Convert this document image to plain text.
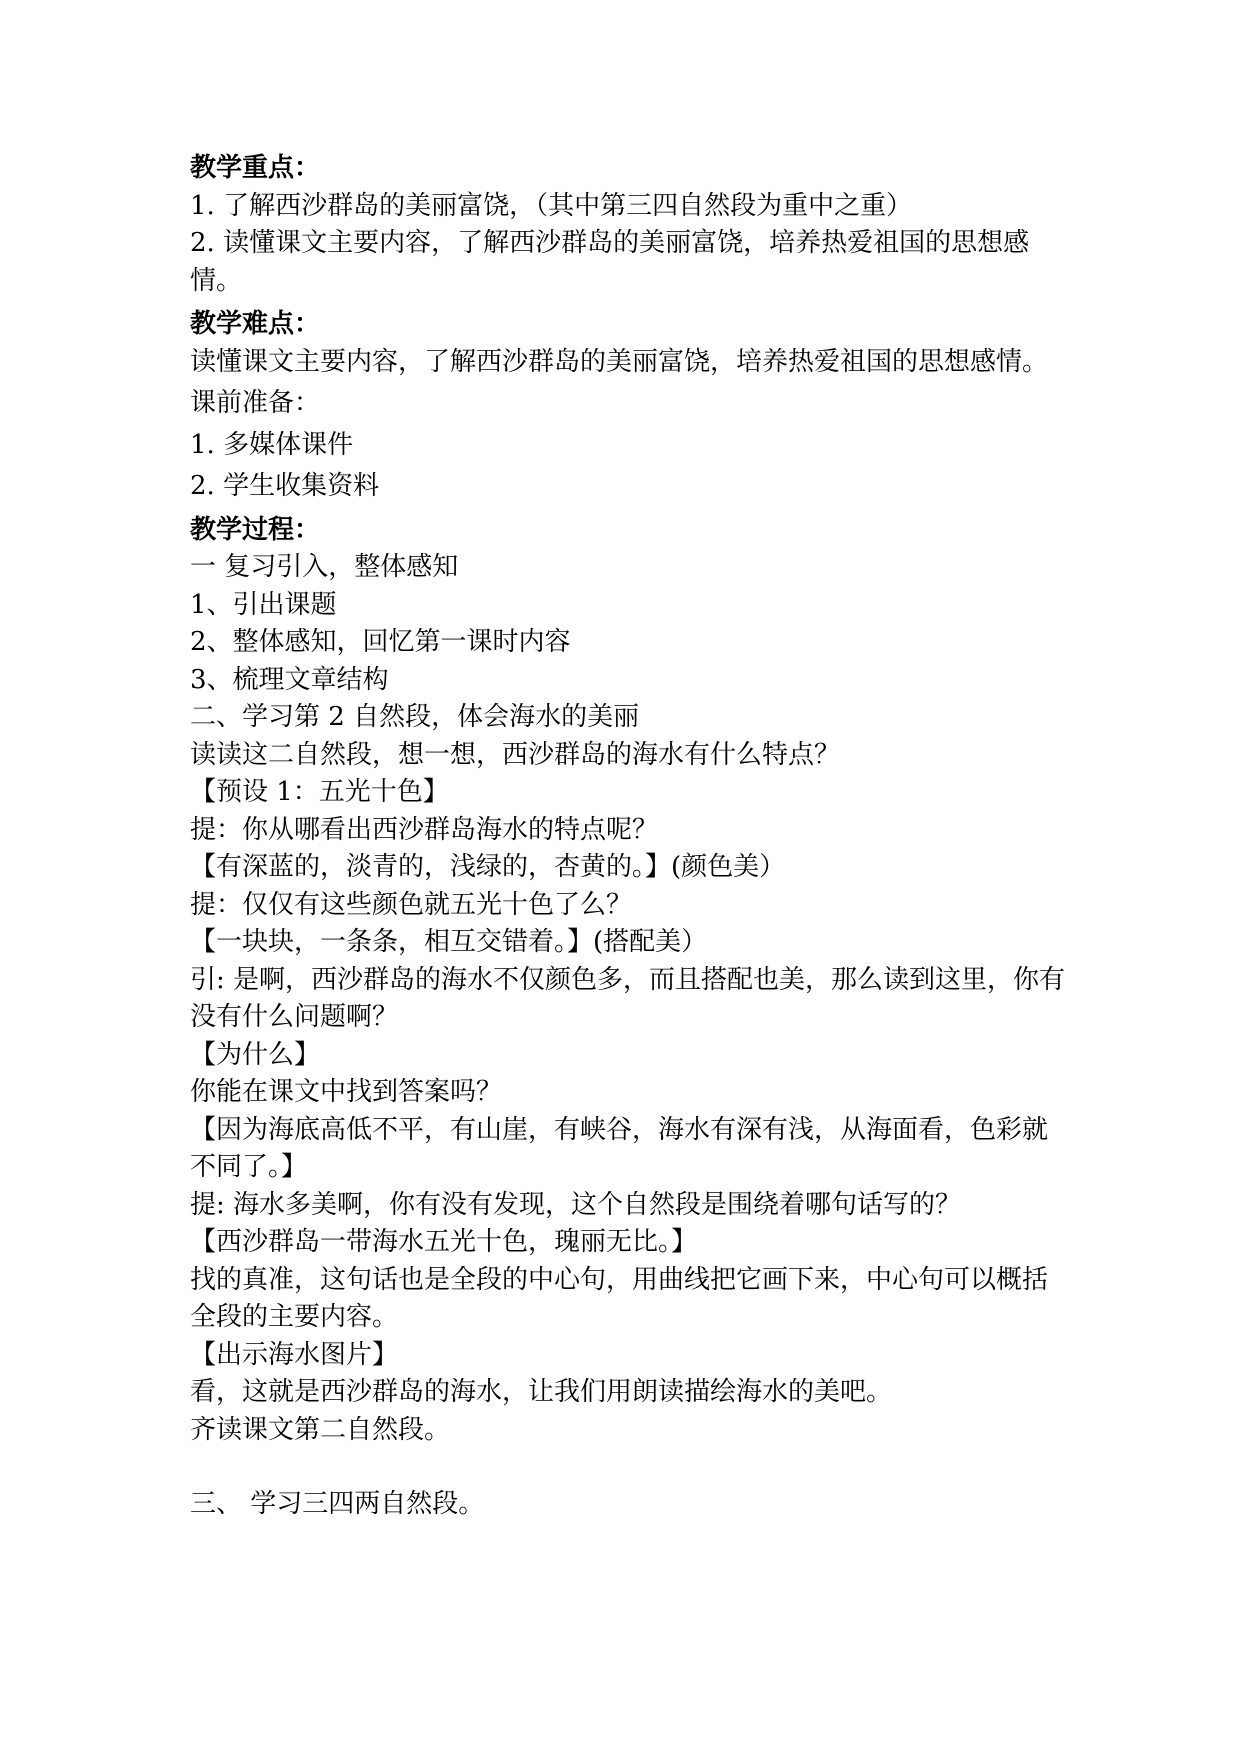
教学重点：

1. 了解西沙群岛的美丽富饶，（其中第三四自然段为重中之重）

2. 读懂课文主要内容，了解西沙群岛的美丽富饶，培养热爱祖国的思想感情。

教学难点：

读懂课文主要内容，了解西沙群岛的美丽富饶，培养热爱祖国的思想感情。

课前准备：

1. 多媒体课件

2. 学生收集资料

教学过程：

一 复习引入，整体感知

1、引出课题

2、整体感知，回忆第一课时内容

3、梳理文章结构

二、学习第 2 自然段，体会海水的美丽

读读这二自然段，想一想，西沙群岛的海水有什么特点？

【预设 1：五光十色】

提：你从哪看出西沙群岛海水的特点呢？

【有深蓝的，淡青的，浅绿的，杏黄的。】(颜色美）

提：仅仅有这些颜色就五光十色了么？

【一块块，一条条，相互交错着。】(搭配美）

引: 是啊，西沙群岛的海水不仅颜色多，而且搭配也美，那么读到这里，你有没有什么问题啊？

【为什么】

你能在课文中找到答案吗？

【因为海底高低不平，有山崖，有峡谷，海水有深有浅，从海面看，色彩就不同了。】

提: 海水多美啊，你有没有发现，这个自然段是围绕着哪句话写的？

【西沙群岛一带海水五光十色，瑰丽无比。】

找的真准，这句话也是全段的中心句，用曲线把它画下来，中心句可以概括全段的主要内容。

【出示海水图片】

看，这就是西沙群岛的海水，让我们用朗读描绘海水的美吧。

齐读课文第二自然段。

三、 学习三四两自然段。
